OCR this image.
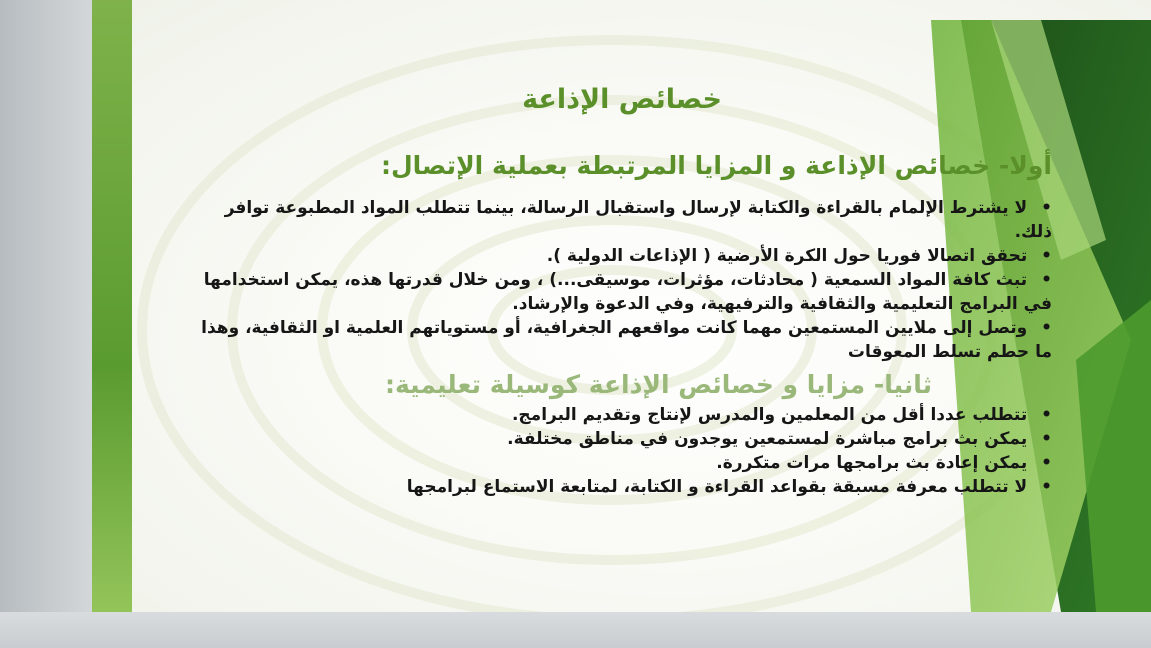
خصائص الإذاعة

أولا- خصائص الإذاعة و المزايا المرتبطة بعملية الإتصال:

• لا يشترط الإلمام بالقراءة والكتابة لإرسال واستقبال الرسالة، بينما تتطلب المواد المطبوعة توافر ذلك.

• تحقق اتصالا فوريا حول الكرة الأرضية ( الإذاعات الدولية ).

• تبث كافة المواد السمعية ( محادثات، مؤثرات، موسيقى...) ، ومن خلال قدرتها هذه، يمكن استخدامها في البرامج التعليمية والثقافية والترفيهية، وفي الدعوة والإرشاد.

• وتصل إلى ملايين المستمعين مهما كانت مواقعهم الجغرافية، أو مستوياتهم العلمية او الثقافية، وهذا ما حطم تسلط المعوقات

ثانيا- مزايا و خصائص الإذاعة كوسيلة تعليمية:

• تتطلب عددا أقل من المعلمين والمدرس لإنتاج وتقديم البرامج.

• يمكن بث برامج مباشرة لمستمعين يوجدون في مناطق مختلفة.

• يمكن إعادة بث برامجها مرات متكررة.

• لا تتطلب معرفة مسبقة بقواعد القراءة و الكتابة، لمتابعة الاستماع لبرامجها
